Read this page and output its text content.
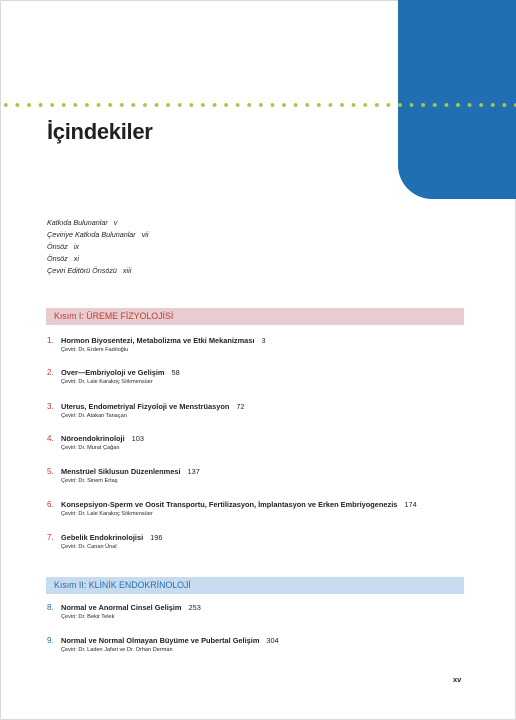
İçindekiler
Katkıda Bulunanlar v
Çeviriye Katkıda Bulunanlar vii
Önsöz ix
Önsöz xi
Çeviri Editörü Önsözü xiii
Kısım I: ÜREME FİZYOLOJİSİ
1. Hormon Biyosentezi, Metabolizma ve Etki Mekanizması 3
Çeviri: Dr. Erdem Fadıloğlu
2. Over—Embriyoloji ve Gelişim 58
Çeviri: Dr. Lale Karakoç Sökmensüer
3. Uterus, Endometriyal Fizyoloji ve Menstrüasyon 72
Çeviri: Dr. Atakan Tanaçan
4. Nöroendokrinoloji 103
Çeviri: Dr. Murat Çağan
5. Menstrüel Siklusun Düzenlenmesi 137
Çeviri: Dr. Sinem Ertaş
6. Konsepsiyon-Sperm ve Oosit Transportu, Fertilizasyon, İmplantasyon ve Erken Embriyogenezis 174
Çeviri: Dr. Lale Karakoç Sökmensüer
7. Gebelik Endokrinolojisi 196
Çeviri: Dr. Canan Ünal
Kısım II: KLİNİK ENDOKRİNOLOJİ
8. Normal ve Anormal Cinsel Gelişim 253
Çeviri: Dr. Bekir Telek
9. Normal ve Normal Olmayan Büyüme ve Pubertal Gelişim 304
Çeviri: Dr. Laden Jafari ve Dr. Orhan Derman
xv
